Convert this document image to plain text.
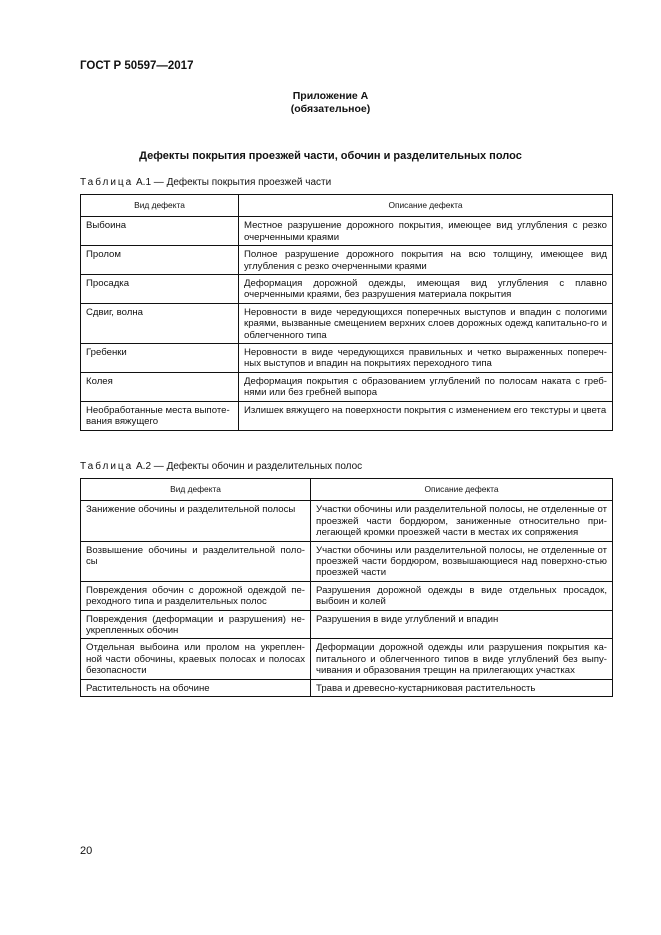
ГОСТ Р 50597—2017
Приложение А
(обязательное)
Дефекты покрытия проезжей части, обочин и разделительных полос
Таблица А.1 — Дефекты покрытия проезжей части
Вид дефекта	Описание дефекта
Выбоина	Местное разрушение дорожного покрытия, имеющее вид углубления с резко очерченными краями
Пролом	Полное разрушение дорожного покрытия на всю толщину, имеющее вид углубления с резко очерченными краями
Просадка	Деформация дорожной одежды, имеющая вид углубления с плавно очерченными краями, без разрушения материала покрытия
Сдвиг, волна	Неровности в виде чередующихся поперечных выступов и впадин с пологими краями, вызванные смещением верхних слоев дорожных одежд капитально-го и облегченного типа
Гребенки	Неровности в виде чередующихся правильных и четко выраженных попереч-ных выступов и впадин на покрытиях переходного типа
Колея	Деформация покрытия с образованием углублений по полосам наката с греб-нями или без гребней выпора
Необработанные места выпоте-вания вяжущего	Излишек вяжущего на поверхности покрытия с изменением его текстуры и цвета
Таблица А.2 — Дефекты обочин и разделительных полос
Вид дефекта	Описание дефекта
Занижение обочины и разделительной полосы	Участки обочины или разделительной полосы, не отделенные от проезжей части бордюром, заниженные относительно при-легающей кромки проезжей части в местах их сопряжения
Возвышение обочины и разделительной поло-сы	Участки обочины или разделительной полосы, не отделенные от проезжей части бордюром, возвышающиеся над поверхно-стью проезжей части
Повреждения обочин с дорожной одеждой пе-реходного типа и разделительных полос	Разрушения дорожной одежды в виде отдельных просадок, выбоин и колей
Повреждения (деформации и разрушения) не-укрепленных обочин	Разрушения в виде углублений и впадин
Отдельная выбоина или пролом на укреплен-ной части обочины, краевых полосах и полосах безопасности	Деформации дорожной одежды или разрушения покрытия ка-питального и облегченного типов в виде углублений без выпу-чивания и образования трещин на прилегающих участках
Растительность на обочине	Трава и древесно-кустарниковая растительность
20
